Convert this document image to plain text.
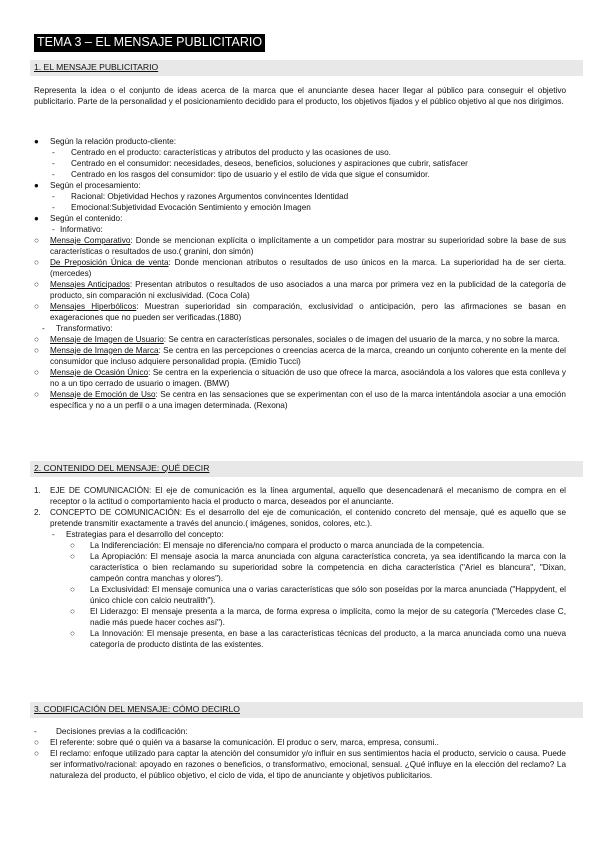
TEMA 3 – EL MENSAJE PUBLICITARIO
1. EL MENSAJE PUBLICITARIO

Representa la idea o el conjunto de ideas acerca de la marca que el anunciante desea hacer llegar al público para conseguir el objetivo publicitario. Parte de la personalidad y el posicionamiento decidido para el producto, los objetivos fijados y el público objetivo al que nos dirigimos.

●	Según la relación producto-cliente:
-	Centrado en el producto: características y atributos del producto y las ocasiones de uso.
-	Centrado en el consumidor: necesidades, deseos, beneficios, soluciones y aspiraciones que cubrir, satisfacer
-	Centrado en los rasgos del consumidor: tipo de usuario y el estilo de vida que sigue el consumidor.
●	Según el procesamiento:
-	Racional: Objetividad Hechos y razones Argumentos convincentes Identidad
-	Emocional:Subjetividad Evocación Sentimiento y emoción Imagen
●	Según el contenido:
- Informativo:
○	Mensaje Comparativo: Donde se mencionan explícita o implícitamente a un competidor para mostrar su superioridad sobre la base de sus características o resultados de uso.( granini, don simón)
○	De Preposición Única de venta: Donde mencionan atributos o resultados de uso únicos en la marca. La superioridad ha de ser cierta. (mercedes)
○	Mensajes Anticipados: Presentan atributos o resultados de uso asociados a una marca por primera vez en la publicidad de la categoría de producto, sin comparación ni exclusividad. (Coca Cola)
○	Mensajes Hiperbólicos: Muestran superioridad sin comparación, exclusividad o anticipación, pero las afirmaciones se basan en exageraciones que no pueden ser verificadas.(1880)
-	Transformativo:
○	Mensaje de Imagen de Usuario: Se centra en características personales, sociales o de imagen del usuario de la marca, y no sobre la marca.
○	Mensaje de Imagen de Marca: Se centra en las percepciones o creencias acerca de la marca, creando un conjunto coherente en la mente del consumidor que incluso adquiere personalidad propia. (Emidio Tucci)
○	Mensaje de Ocasión Único: Se centra en la experiencia o situación de uso que ofrece la marca, asociándola a los valores que esta conlleva y no a un tipo cerrado de usuario o imagen. (BMW)
○	Mensaje de Emoción de Uso: Se centra en las sensaciones que se experimentan con el uso de la marca intentándola asociar a una emoción específica y no a un perfil o a una imagen determinada. (Rexona)
2. CONTENIDO DEL MENSAJE: QUÉ DECIR
1.	EJE DE COMUNICACIÓN: El eje de comunicación es la línea argumental, aquello que desencadenará el mecanismo de compra en el receptor o la actitud o comportamiento hacia el producto o marca, deseados por el anunciante.
2.	CONCEPTO DE COMUNICACIÓN: Es el desarrollo del eje de comunicación, el contenido concreto del mensaje, qué es aquello que se pretende transmitir exactamente a través del anuncio.( imágenes, sonidos, colores, etc.).
-	Estrategias para el desarrollo del concepto:
○	La Indiferenciación: El mensaje no diferencia/no compara el producto o marca anunciada de la competencia.
○	La Apropiación: El mensaje asocia la marca anunciada con alguna característica concreta, ya sea identificando la marca con la característica o bien reclamando su superioridad sobre la competencia en dicha característica ("Ariel es blancura", "Dixan, campeón contra manchas y olores").
○	La Exclusividad: El mensaje comunica una o varias características que sólo son poseídas por la marca anunciada ("Happydent, el único chicle con calcio neutralith").
○	El Liderazgo: El mensaje presenta a la marca, de forma expresa o implícita, como la mejor de su categoría ("Mercedes clase C, nadie más puede hacer coches así").
○	La Innovación: El mensaje presenta, en base a las características técnicas del producto, a la marca anunciada como una nueva categoría de producto distinta de las existentes.
3. CODIFICACIÓN DEL MENSAJE: CÓMO DECIRLO
-	Decisiones previas a la codificación:
○	El referente: sobre qué o quién va a basarse la comunicación. El produc o serv, marca, empresa, consumi..
○	El reclamo: enfoque utilizado para captar la atención del consumidor y/o influir en sus sentimientos hacia el producto, servicio o causa. Puede ser informativo/racional: apoyado en razones o beneficios, o transformativo, emocional, sensual. ¿Qué influye en la elección del reclamo? La naturaleza del producto, el público objetivo, el ciclo de vida, el tipo de anunciante y objetivos publicitarios.
